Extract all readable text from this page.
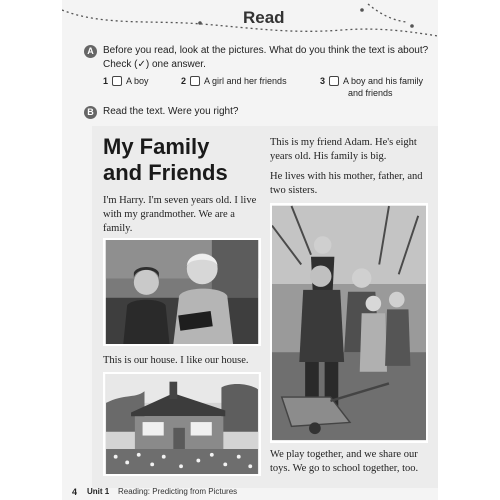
Read
A Before you read, look at the pictures. What do you think the text is about? Check (✓) one answer.
1 A boy	2 A girl and her friends	3 A boy and his family and friends
B Read the text. Were you right?
My Family
and Friends
I'm Harry. I'm seven years old. I live with my grandmother. We are a family.
This is our house. I like our house.
This is my friend Adam. He's eight years old. His family is big.
He lives with his mother, father, and two sisters.
We play together, and we share our toys. We go to school together, too.
4 Unit 1 Reading: Predicting from Pictures
